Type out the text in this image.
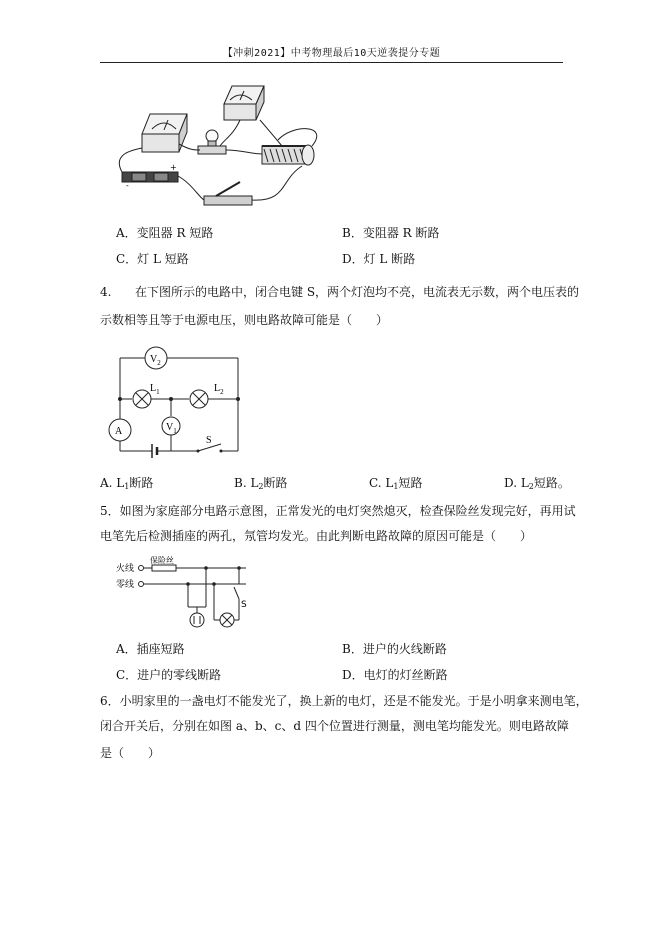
【冲刺2021】中考物理最后10天逆袭提分专题
-
+
A．变阻器 R 短路	B．变阻器 R 断路
C．灯 L 短路	D．灯 L 断路
4. 在下图所示的电路中，闭合电键 S，两个灯泡均不亮，电流表无示数，两个电压表的
示数相等且等于电源电压，则电路故障可能是（　　）
$V_2$
$L_1$	$L_2$
A	$V_1$
S
A. $L_1$断路	B. $L_2$断路	C. $L_1$短路	D. $L_2$短路。
5．如图为家庭部分电路示意图，正常发光的电灯突然熄灭，检查保险丝发现完好，再用试
电笔先后检测插座的两孔，氖管均发光。由此判断电路故障的原因可能是（　　）
火线
零线
保险丝
S
A．插座短路	B．进户的火线断路
C．进户的零线断路	D．电灯的灯丝断路
6．小明家里的一盏电灯不能发光了，换上新的电灯，还是不能发光。于是小明拿来测电笔，
闭合开关后，分别在如图 a、b、c、d 四个位置进行测量，测电笔均能发光。则电路故障
是（　　）
